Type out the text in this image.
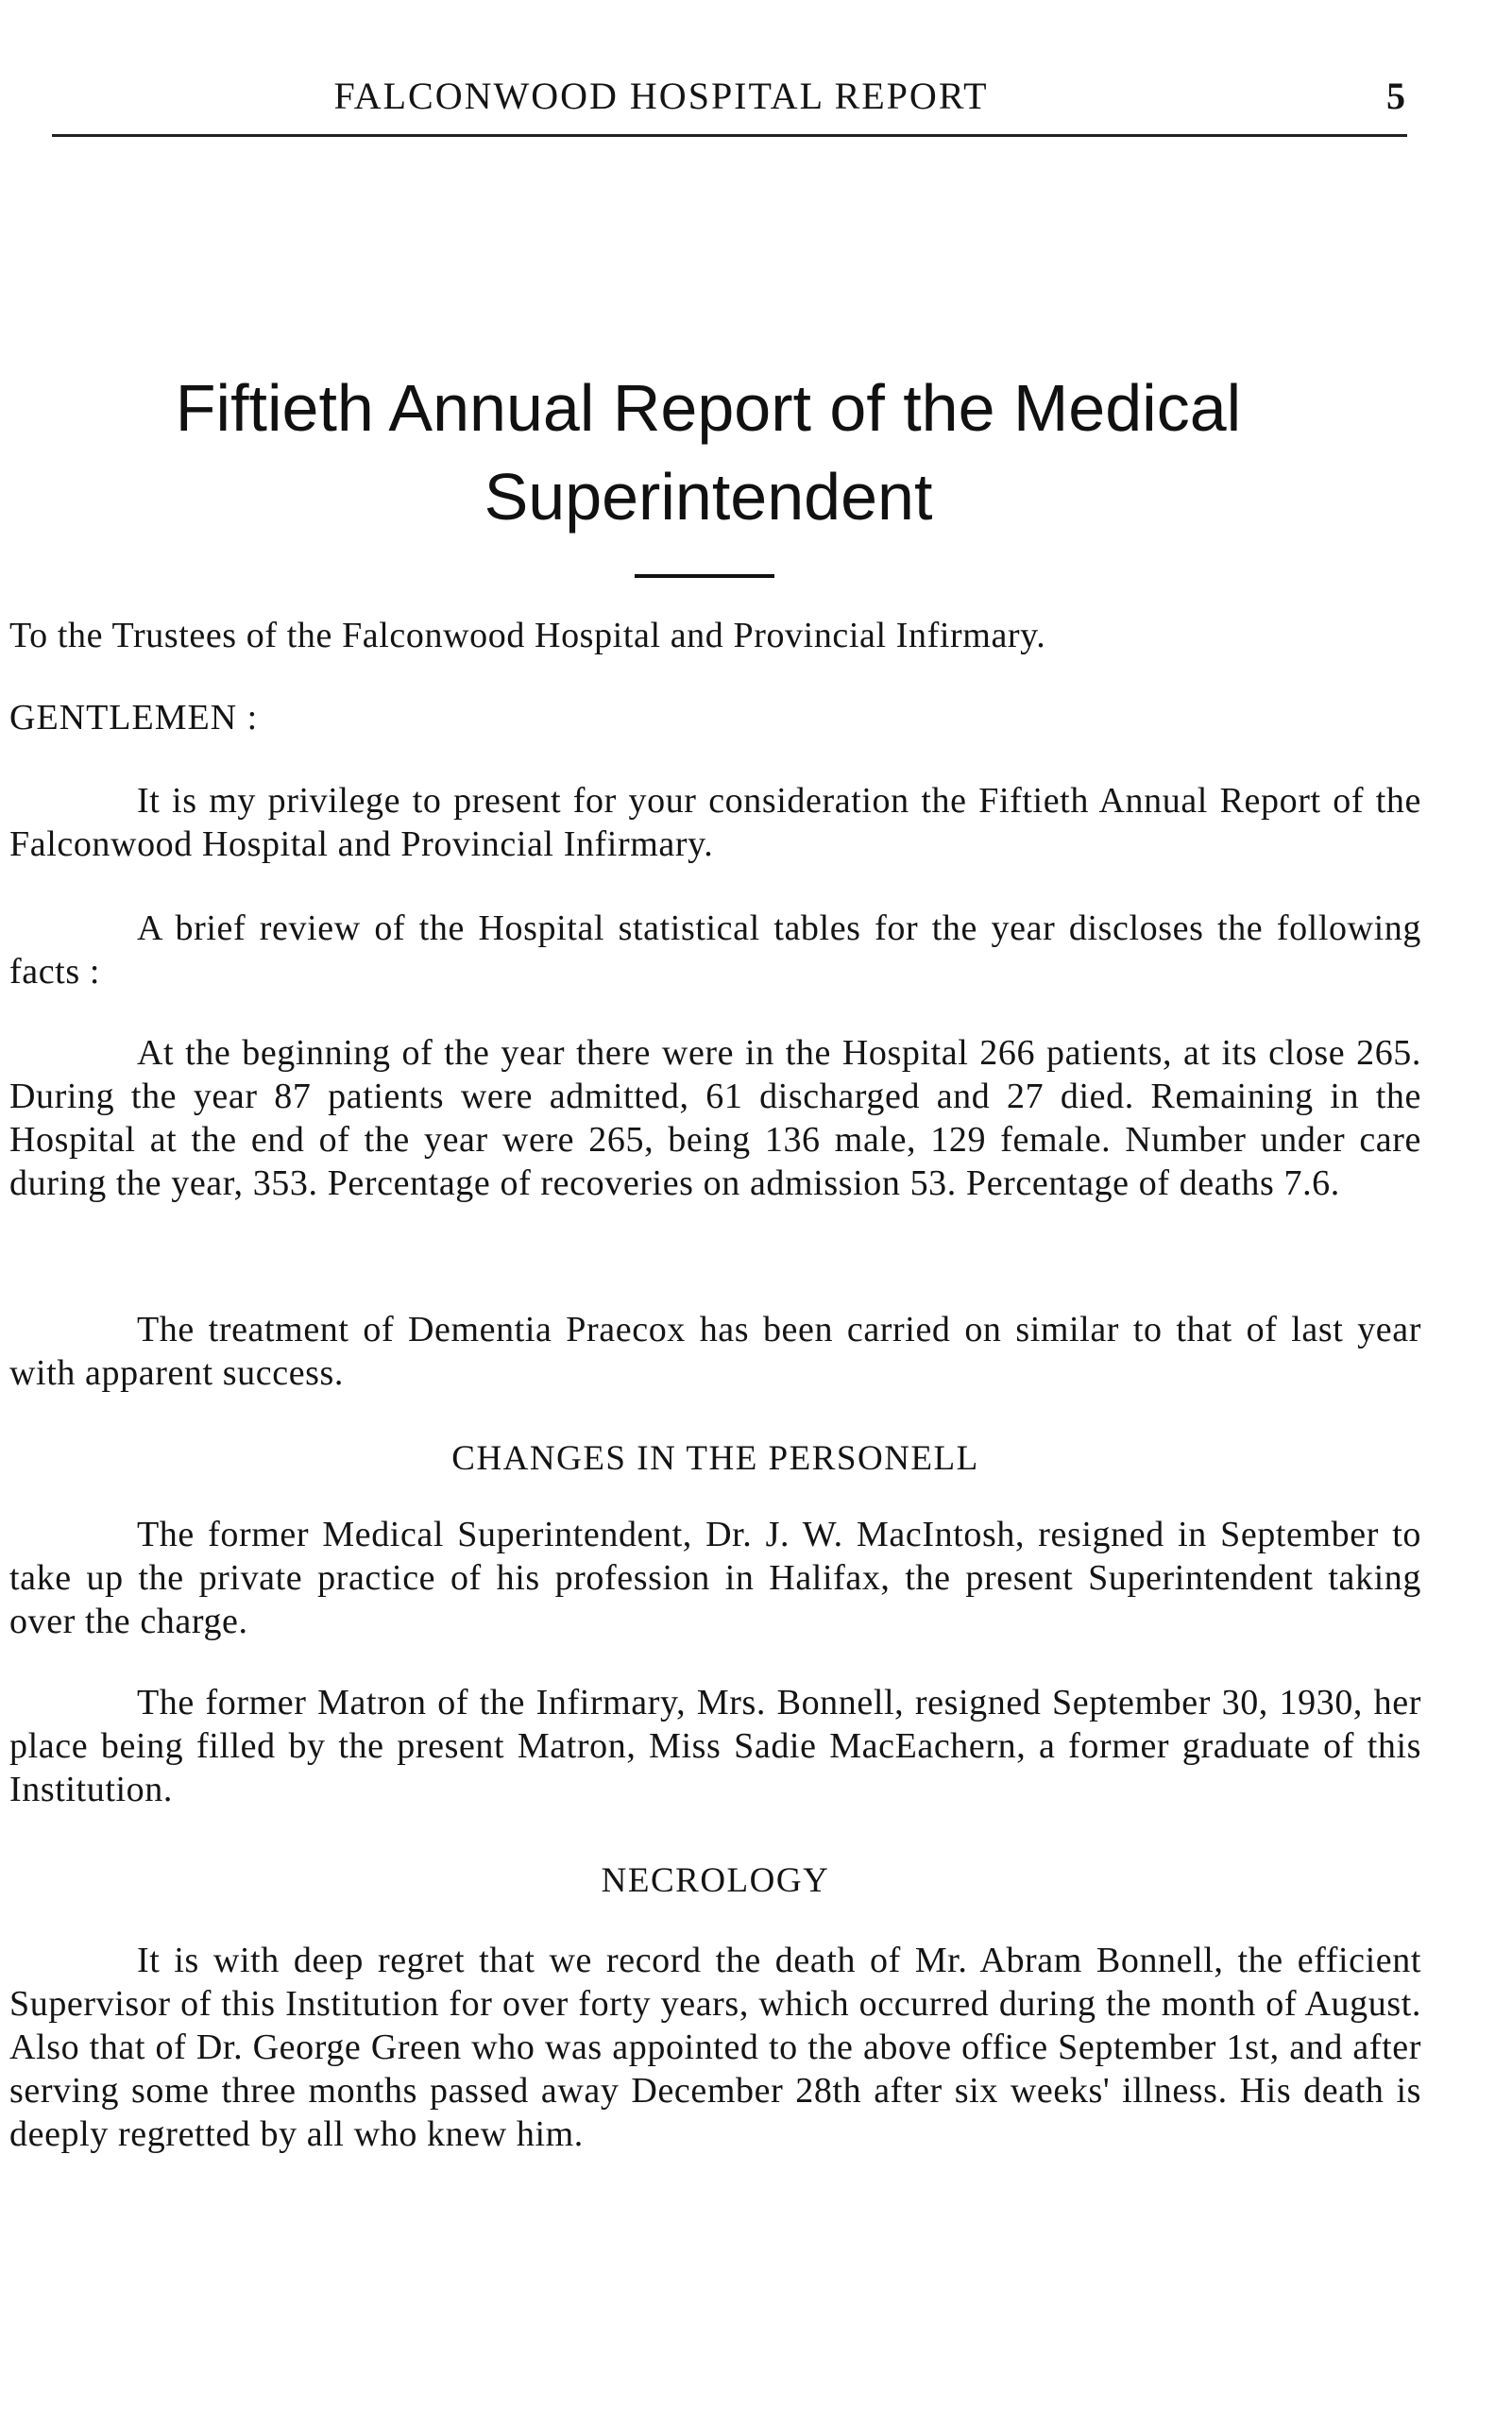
FALCONWOOD HOSPITAL REPORT	5
Fiftieth Annual Report of the Medical
Superintendent

To the Trustees of the Falconwood Hospital and Provincial Infirmary.

GENTLEMEN :

It is my privilege to present for your consideration the Fiftieth Annual Report of the Falconwood Hospital and Provincial Infirmary.

A brief review of the Hospital statistical tables for the year discloses the following facts :

At the beginning of the year there were in the Hospital 266 patients, at its close 265. During the year 87 patients were admitted, 61 discharged and 27 died. Remaining in the Hospital at the end of the year were 265, being 136 male, 129 female. Number under care during the year, 353. Percentage of recoveries on admission 53. Percentage of deaths 7.6.

The treatment of Dementia Praecox has been carried on similar to that of last year with apparent success.

CHANGES IN THE PERSONELL

The former Medical Superintendent, Dr. J. W. MacIntosh, resigned in September to take up the private practice of his profession in Halifax, the present Superintendent taking over the charge.

The former Matron of the Infirmary, Mrs. Bonnell, resigned September 30, 1930, her place being filled by the present Matron, Miss Sadie MacEachern, a former graduate of this Institution.

NECROLOGY

It is with deep regret that we record the death of Mr. Abram Bonnell, the efficient Supervisor of this Institution for over forty years, which occurred during the month of August. Also that of Dr. George Green who was appointed to the above office September 1st, and after serving some three months passed away December 28th after six weeks' illness. His death is deeply regretted by all who knew him.
